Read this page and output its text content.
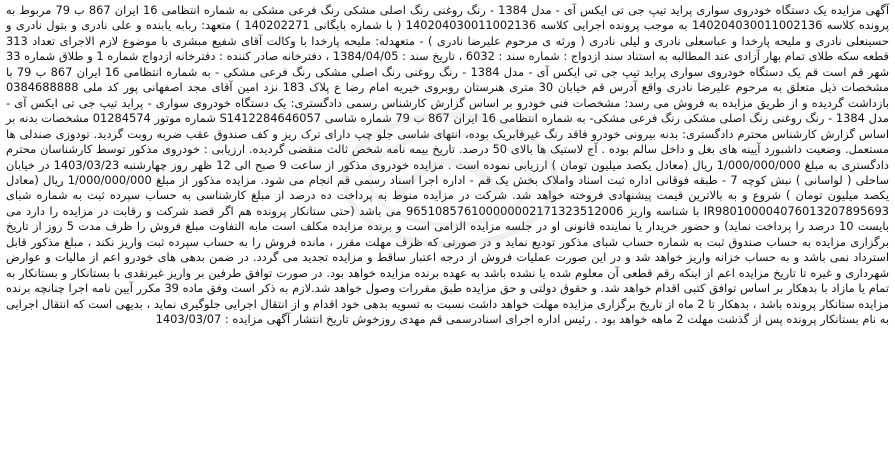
آگهی مزایده یک دستگاه خودروی سواری پراید تیپ جی تی ایکس آی - مدل 1384 - رنگ روغنی رنگ اصلی مشکی رنگ فرعی مشکی به شماره انتظامی 16 ایران 867 ب 79 مربوط به پرونده کلاسه 140204030011002136 به موجب پرونده اجرایی کلاسه 140204030011002136 ( با شماره بایگانی 140202271 ) متعهد: ربابه یابنده و علی نادری و بتول نادری و حسینعلی نادری و ملیحه پارخدا و عباسعلی نادری و لیلی نادری ( ورثه ی مرحوم علیرضا نادری ) - متعهدله: ملیحه پارخدا با وکالت آقای شفیع مبشری با موضوع لازم الاجرای تعداد 313 قطعه سکه طلای تمام بهار آزادی عند المطالبه به استناد سند ازدواج : شماره سند : 6032 ، تاریخ سند : 1384/04/05 ، دفترخانه صادر کننده : دفترخانه ازدواج شماره 1 و طلاق شماره 33 شهر قم است قم یک دستگاه خودروی سواری پراید تیپ جی تی ایکس آی - مدل 1384 - رنگ روغنی رنگ اصلی مشکی رنگ فرعی مشکی - به شماره انتظامی 16 ایران 867 ب 79 با مشخصات ذیل متعلق به مرحوم علیرضا نادری واقع آدرس قم خیابان 30 متری هنرستان روبروی خیریه امام رضا ع پلاک 183 نزد امین آقای مجد اصفهانی پور کد ملی 0384688888 بازداشت گردیده و از طریق مزایده به فروش می رسد: مشخصات فنی خودرو بر اساس گزارش کارشناس رسمی دادگستری: یک دستگاه خودروی سواری - پراید تیپ جی تی ایکس آی - مدل 1384 - رنگ روغنی رنگ اصلی مشکی رنگ فرعی مشکی- به شماره انتظامی 16 ایران 867 ب 79 شماره شاسی S1412284646057 شماره موتور 01284574 مشخصات بدنه بر اساس گزارش کارشناس محترم دادگستری: بدنه بیرونی خودرو فاقد رنگ غیرفابریک بوده، انتهای شاسی جلو چپ دارای ترک ریز و کف صندوق عقب ضربه روبت گردید. تودوزی صندلی ها مستعمل. وضعیت داشبورد آیینه های بغل و داخل سالم بوده . آج لاستیک ها بالای 50 درصد. تاریخ بیمه نامه شخص ثالث منقضی گردیده. ارزیابی : خودروی مذکور توسط کارشناسان محترم دادگستری به مبلغ 1/000/000/000 ریال (معادل یکصد میلیون تومان ) ارزیابی نموده است . مزایده خودروی مذکور از ساعت 9 صبح الی 12 ظهر روز چهارشنبه 1403/03/23 در خیابان ساحلی ( لواسانی ) نبش کوچه 7 - طبقه فوقانی اداره ثبت اسناد واملاک بخش یک قم - اداره اجرا اسناد رسمی قم انجام می شود. مزایده مذکور از مبلغ 1/000/000/000 ریال (معادل یکصد میلیون تومان ) شروع و به بالاترین قیمت پیشنهادی فروخته خواهد شد. شرکت در مزایده منوط به پرداخت ده درصد از مبلغ کارشناسی به حساب سپرده ثبت به شماره شبای IR980100004076013207895693 با شناسه واریز 965108576100000002171323512006 می باشد (حتی ستانکار پرونده هم اگر قصد شرکت و رقابت در مزایده را دارد می بایست 10 درصد را پرداخت نماید) و حضور خریدار یا نماینده قانونی او در جلسه مزایده الزامی است و برنده مزایده مکلف است مابه التفاوت مبلغ فروش را ظرف مدت 5 روز از تاریخ برگزاری مزایده به حساب صندوق ثبت به شماره حساب شبای مذکور تودیع نماید و در صورتی که ظرف مهلت مقرر ، مانده فروش را به حساب سپرده ثبت واریز نکند ، مبلغ مذکور قابل استرداد نمی باشد و به حساب خزانه واریز خواهد شد و در این صورت عملیات فروش از درجه اعتبار ساقط و مزایده تجدید می گردد. در ضمن بدهی های خودرو اعم از مالیات و عوارض شهرداری و غیره تا تاریخ مزایده اعم از اینکه رقم قطعی آن معلوم شده یا نشده باشد به عهده برنده مزایده خواهد بود. در صورت توافق طرفین بر واریز غیرنقدی با بستانکار و بستانکار به تمام یا مازاد با بدهکار بر اساس توافق کتبی اقدام خواهد شد. و حقوق دولتی و حق مزایده طبق مقررات وصول خواهد شد.لازم به ذکر است وفق ماده 39 مکرر آیین نامه اجرا چنانچه برنده مزایده ستانکار پرونده باشد ، بدهکار تا 2 ماه از تاریخ برگزاری مزایده مهلت خواهد داشت نسبت به تسویه بدهی خود اقدام و از انتقال اجرایی جلوگیری نماید ، بدیهی است که انتقال اجرایی به نام بستانکار پرونده پس از گذشت مهلت 2 ماهه خواهد بود . رئیس اداره اجرای اسنادرسمی قم مهدی روزخوش تاریخ انتشار آگهی مزایده : 1403/03/07
